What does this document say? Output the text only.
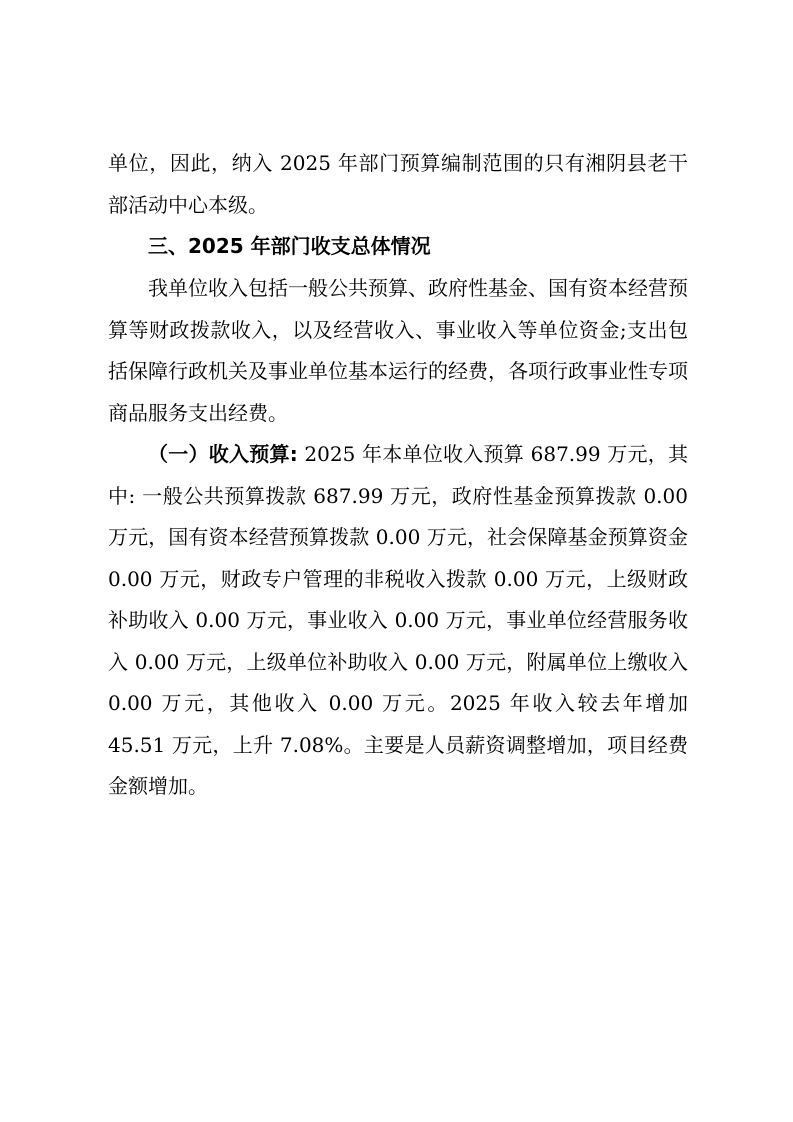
单位，因此，纳入 2025 年部门预算编制范围的只有湘阴县老干部活动中心本级。

三、2025 年部门收支总体情况

我单位收入包括一般公共预算、政府性基金、国有资本经营预算等财政拨款收入，以及经营收入、事业收入等单位资金;支出包括保障行政机关及事业单位基本运行的经费，各项行政事业性专项商品服务支出经费。

（一）收入预算: 2025 年本单位收入预算 687.99 万元，其中: 一般公共预算拨款 687.99 万元，政府性基金预算拨款 0.00 万元，国有资本经营预算拨款 0.00 万元，社会保障基金预算资金 0.00 万元，财政专户管理的非税收入拨款 0.00 万元，上级财政补助收入 0.00 万元，事业收入 0.00 万元，事业单位经营服务收入 0.00 万元，上级单位补助收入 0.00 万元，附属单位上缴收入 0.00 万元，其他收入 0.00 万元。2025 年收入较去年增加 45.51 万元，上升 7.08%。主要是人员薪资调整增加，项目经费金额增加。
